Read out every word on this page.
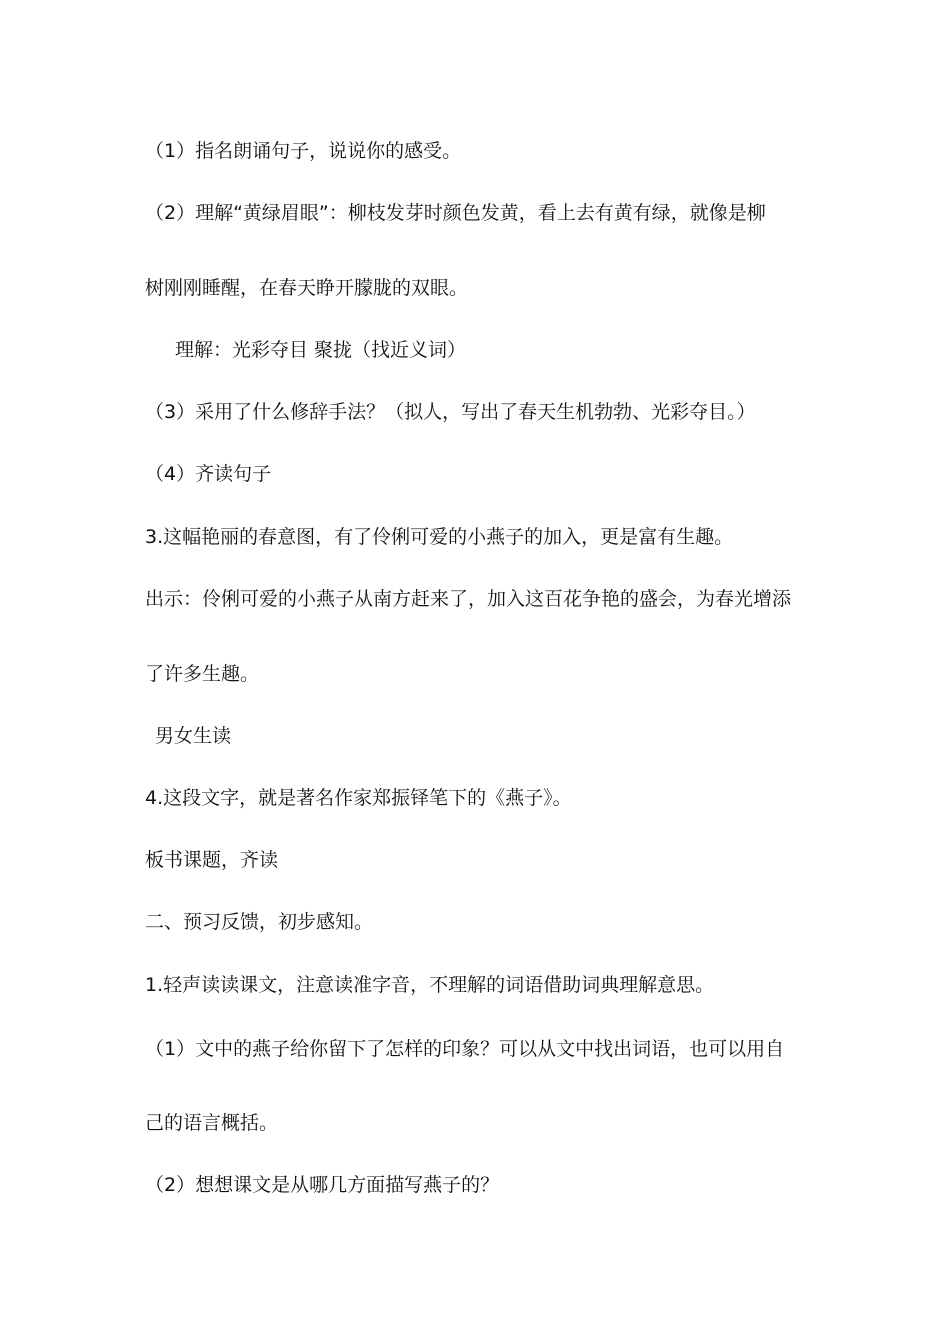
（1）指名朗诵句子，说说你的感受。
（2）理解“黄绿眉眼”：柳枝发芽时颜色发黄，看上去有黄有绿，就像是柳
树刚刚睡醒，在春天睁开朦胧的双眼。
理解：光彩夺目 聚拢（找近义词）
（3）采用了什么修辞手法？（拟人，写出了春天生机勃勃、光彩夺目。）
（4）齐读句子
3.这幅艳丽的春意图，有了伶俐可爱的小燕子的加入，更是富有生趣。
出示：伶俐可爱的小燕子从南方赶来了，加入这百花争艳的盛会，为春光增添
了许多生趣。
男女生读
4.这段文字，就是著名作家郑振铎笔下的《燕子》。
板书课题，齐读
二、预习反馈，初步感知。
1.轻声读读课文，注意读准字音，不理解的词语借助词典理解意思。
（1）文中的燕子给你留下了怎样的印象？可以从文中找出词语，也可以用自
己的语言概括。
（2）想想课文是从哪几方面描写燕子的？
